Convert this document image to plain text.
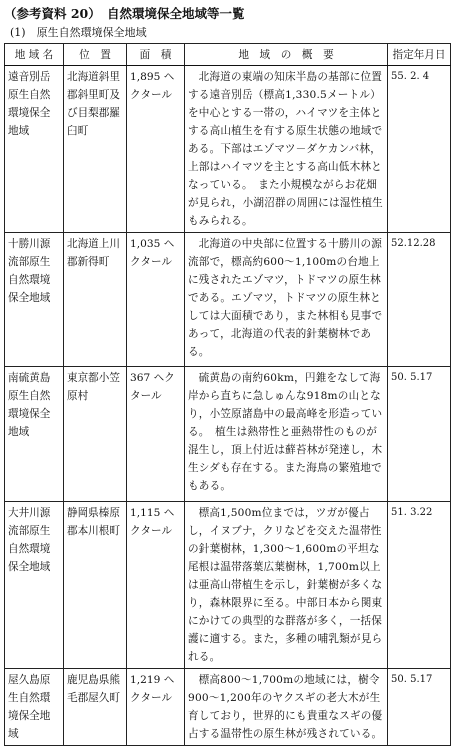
（参考資料 20）　自然環境保全地域等一覧
(1)　原生自然環境保全地域
地 域 名	位　置	面　積	地　域　の　概　要	指定年月日
遠音別岳原生自然環境保全地域	北海道斜里郡斜里町及び目梨郡羅臼町	1,895 ヘクタール	北海道の東端の知床半島の基部に位置する遠音別岳（標高1,330.5メートル）を中心とする一帯の，ハイマツを主体とする高山植生を有する原生状態の地域である。下部はエゾマツ－ダケカンバ林，上部はハイマツを主とする高山低木林となっている。　また小規模ながらお花畑が見られ，小湖沼群の周囲には湿性植生もみられる。	55. 2. 4
十勝川源流部原生自然環境保全地域	北海道上川郡新得町	1,035 ヘクタール	北海道の中央部に位置する十勝川の源流部で，標高約600～1,100mの台地上に残されたエゾマツ，トドマツの原生林である。エゾマツ，トドマツの原生林としては大面積であり，また林相も見事であって，北海道の代表的針葉樹林である。	52.12.28
南硫黄島原生自然環境保全地域	東京都小笠原村	367 ヘクタール	硫黄島の南約60km，円錐をなして海岸から直ちに急しゅんな918mの山となり，小笠原諸島中の最高峰を形造っている。　植生は熱帯性と亜熱帯性のものが混生し，頂上付近は蘚苔林が発達し，木生シダも存在する。また海鳥の繁殖地でもある。	50. 5.17
大井川源流部原生自然環境保全地域	静岡県榛原郡本川根町	1,115 ヘクタール	標高1,500m位までは，ツガが優占し，イヌブナ，クリなどを交えた温帯性の針葉樹林，1,300～1,600mの平坦な尾根は温帯落葉広葉樹林，1,700m以上は亜高山帯植生を示し，針葉樹が多くなり，森林限界に至る。中部日本から関東にかけての典型的な群落が多く，一括保護に適する。また，多種の哺乳類が見られる。	51. 3.22
屋久島原生自然環境保全地域	鹿児島県熊毛郡屋久町	1,219 ヘクタール	標高800～1,700mの地域には，樹令900～1,200年のヤクスギの老大木が生育しており，世界的にも貴重なスギの優占する温帯性の原生林が残されている。	50. 5.17
